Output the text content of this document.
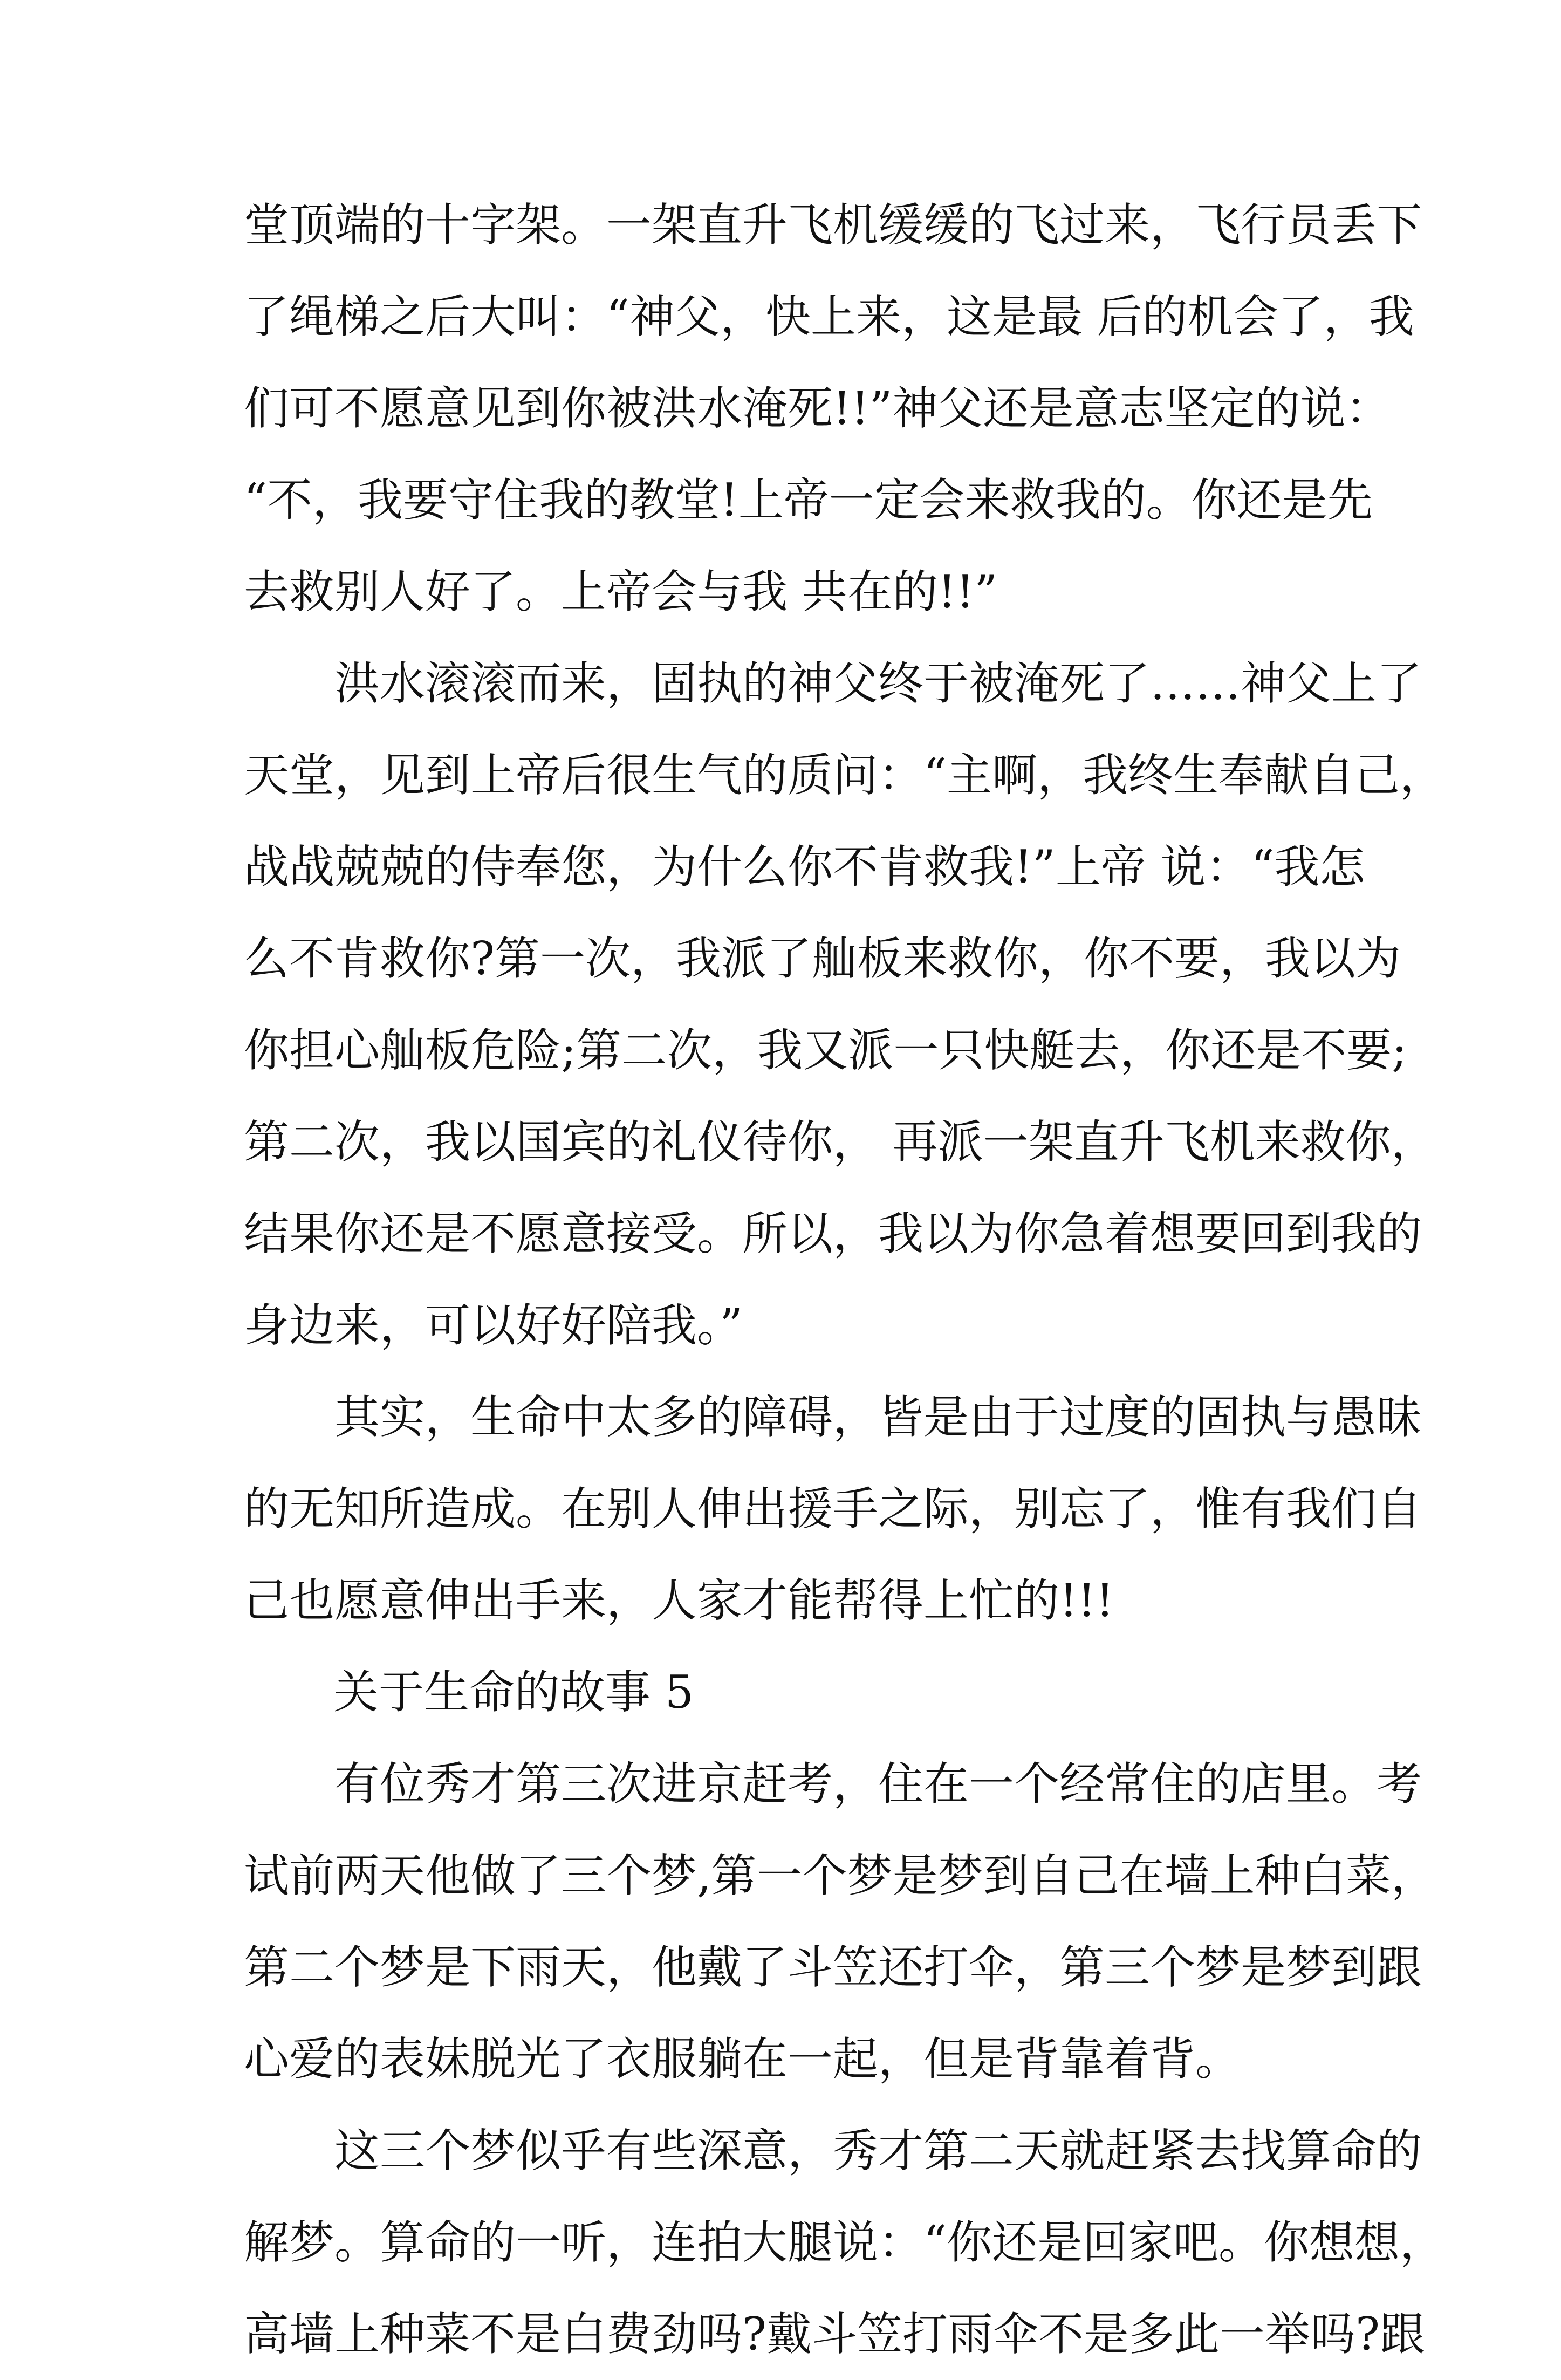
堂顶端的十字架。一架直升飞机缓缓的飞过来，飞行员丢下
了绳梯之后大叫：“神父，快上来，这是最 后的机会了，我
们可不愿意见到你被洪水淹死!!”神父还是意志坚定的说：
“不，我要守住我的教堂!上帝一定会来救我的。你还是先
去救别人好了。上帝会与我 共在的!!”
　　洪水滚滚而来，固执的神父终于被淹死了……神父上了
天堂，见到上帝后很生气的质问：“主啊，我终生奉献自己，
战战兢兢的侍奉您，为什么你不肯救我!”上帝 说：“我怎
么不肯救你?第一次，我派了舢板来救你，你不要，我以为
你担心舢板危险;第二次，我又派一只快艇去，你还是不要;
第二次，我以国宾的礼仪待你， 再派一架直升飞机来救你，
结果你还是不愿意接受。所以，我以为你急着想要回到我的
身边来，可以好好陪我。”
　　其实，生命中太多的障碍，皆是由于过度的固执与愚昧
的无知所造成。在别人伸出援手之际，别忘了，惟有我们自
己也愿意伸出手来，人家才能帮得上忙的!!!
关于生命的故事 5
　　有位秀才第三次进京赶考，住在一个经常住的店里。考
试前两天他做了三个梦,第一个梦是梦到自己在墙上种白菜，
第二个梦是下雨天，他戴了斗笠还打伞，第三个梦是梦到跟
心爱的表妹脱光了衣服躺在一起，但是背靠着背。
　　这三个梦似乎有些深意，秀才第二天就赶紧去找算命的
解梦。算命的一听，连拍大腿说：“你还是回家吧。你想想，
高墙上种菜不是白费劲吗?戴斗笠打雨伞不是多此一举吗?跟
